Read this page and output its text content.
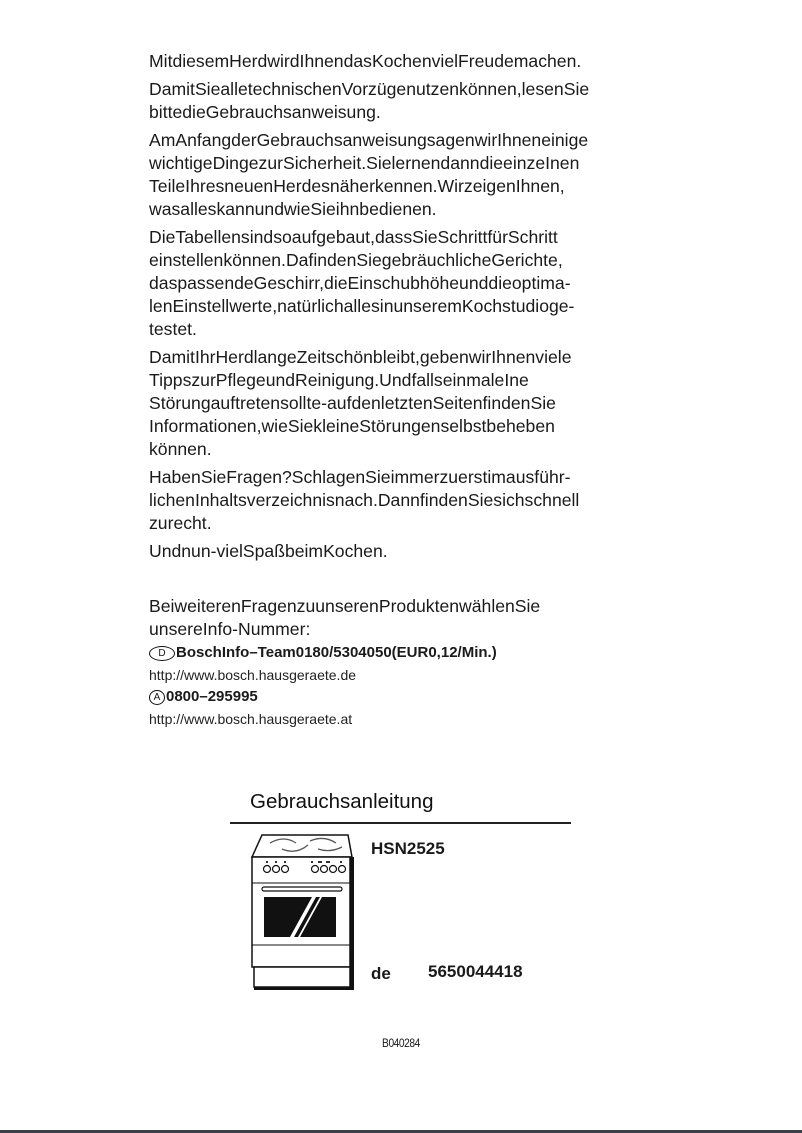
MitdiesemHerdwirdIhnendasKochenvielFreudemachen.

DamitSiealletechnischenVorzügenutzenkönnen,lesenSie
bittedieGebrauchsanweisung.

AmAnfangderGebrauchsanweisungsagenwirIhneneinige
wichtigeDingezurSicherheit.SielernendanndieeinzeInen
TeileIhresneuenHerdesnäherkennen.WirzeigenIhnen,
wasalleskannundwieSieihnbedienen.

DieTabellensindsoaufgebaut,dassSieSchrittfürSchritt
einstellenkönnen.DafindenSiegebräuchlicheGerichte,
daspassendeGeschirr,dieEinschubhöheunddieoptima-
lenEinstellwerte,natürlichallesinunseremKochstudioge-
testet.

DamitIhrHerdlangeZeitschönbleibt,gebenwirIhnenviele
TippszurPflegeundReinigung.UndfallseinmaleIne
Störungauftretensollte-aufdenletztenSeitenfindenSie
Informationen,wieSiekleineStörungenselbstbeheben
können.

HabenSieFragen?SchlagenSieimmerzuerstimausführ-
lichenInhaltsverzeichnisnach.DannfindenSiesichschnell
zurecht.

Undnun-vielSpaßbeimKochen.

BeiweiterenFragenzuunserenProduktenwählenSie
unsereInfo-Nummer:
D BoschInfo–Team0180/5304050(EUR0,12/Min.)
http://www.bosch.hausgeraete.de
A 0800–295995
http://www.bosch.hausgeraete.at
Gebrauchsanleitung
HSN2525
de 5650044418
B040284
